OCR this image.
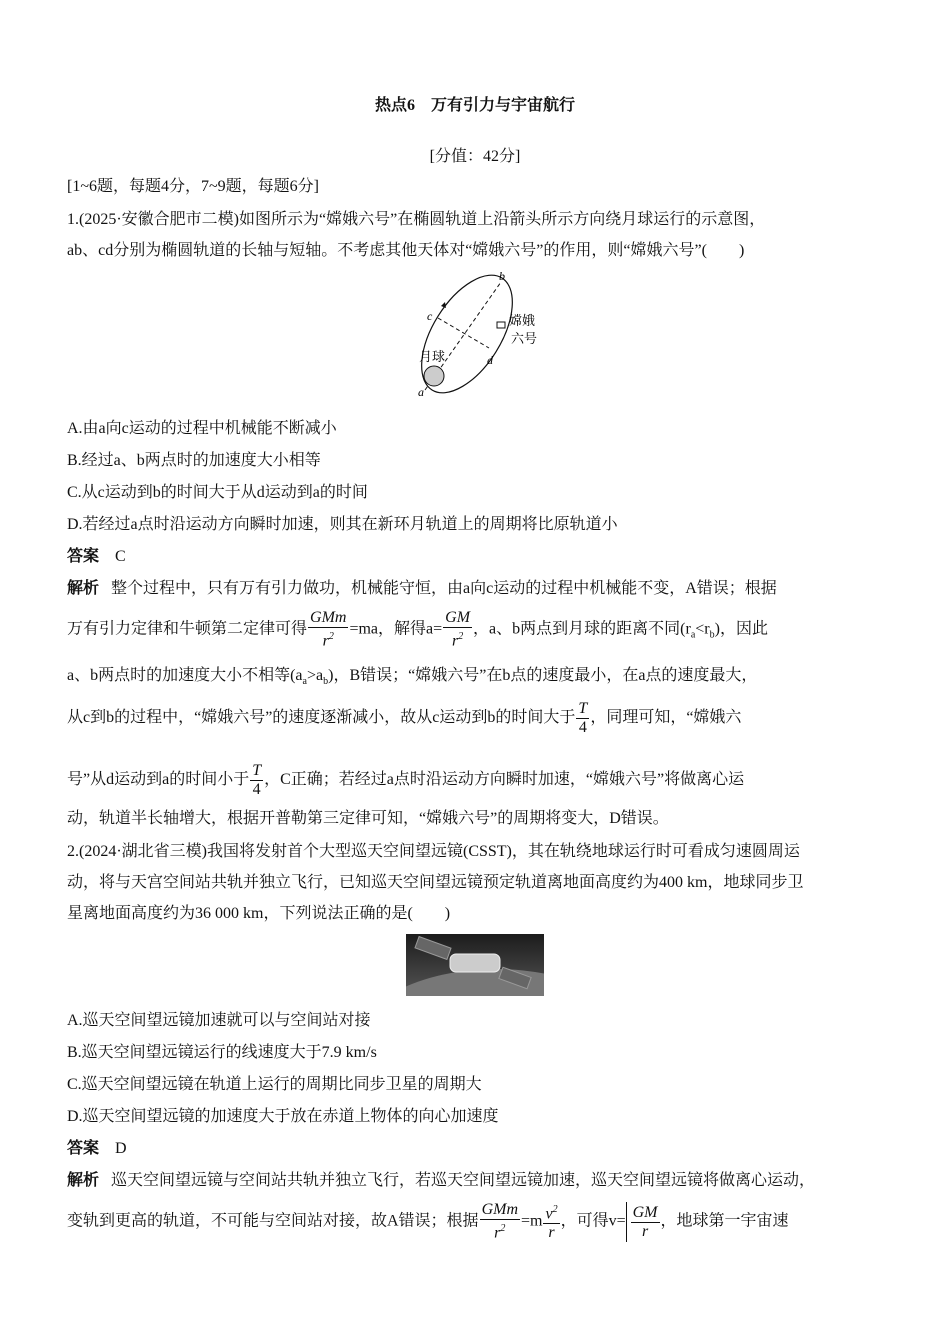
热点6　万有引力与宇宙航行
[分值：42分]
[1~6题，每题4分，7~9题，每题6分]
1.(2025·安徽合肥市二模)如图所示为“嫦娥六号”在椭圆轨道上沿箭头所示方向绕月球运行的示意图，
ab、cd分别为椭圆轨道的长轴与短轴。不考虑其他天体对“嫦娥六号”的作用，则“嫦娥六号”(　　)
b
c
d
a
月球
嫦娥
六号
A.由a向c运动的过程中机械能不断减小
B.经过a、b两点时的加速度大小相等
C.从c运动到b的时间大于从d运动到a的时间
D.若经过a点时沿运动方向瞬时加速，则其在新环月轨道上的周期将比原轨道小
答案 C
解析 整个过程中，只有万有引力做功，机械能守恒，由a向c运动的过程中机械能不变，A错误；根据
万有引力定律和牛顿第二定律可得 $\frac{\text{GMm}}{r^2} =ma$，解得$a= \frac{GM}{r^2}$ ，a、b两点到月球的距离不同$(r_a<r_b)$，因此
a、b两点时的加速度大小不相等$(a_a>a_b)$，B错误；“嫦娥六号”在b点的速度最小，在a点的速度最大，
从c到b的过程中，“嫦娥六号”的速度逐渐减小，故从c运动到b的时间大于 $\frac{T}{4}$ ，同理可知，“嫦娥六
号”从d运动到a的时间小于 $\frac{T}{4}$ ，C正确；若经过a点时沿运动方向瞬时加速，“嫦娥六号”将做离心运
动，轨道半长轴增大，根据开普勒第三定律可知，“嫦娥六号”的周期将变大，D错误。
2.(2024·湖北省三模)我国将发射首个大型巡天空间望远镜(CSST)，其在轨绕地球运行时可看成匀速圆周运
动，将与天宫空间站共轨并独立飞行，已知巡天空间望远镜预定轨道离地面高度约为400 km，地球同步卫
星离地面高度约为36 000 km，下列说法正确的是(　　)
A.巡天空间望远镜加速就可以与空间站对接
B.巡天空间望远镜运行的线速度大于7.9 km/s
C.巡天空间望远镜在轨道上运行的周期比同步卫星的周期大
D.巡天空间望远镜的加速度大于放在赤道上物体的向心加速度
答案 D
解析 巡天空间望远镜与空间站共轨并独立飞行，若巡天空间望远镜加速，巡天空间望远镜将做离心运动，
变轨到更高的轨道，不可能与空间站对接，故A错误；根据 $\frac{\text{GMm}}{r^2} =m \frac{v^2}{r}$ ，可得$v= \frac{GM}{r}$ ，地球第一宇宙速
